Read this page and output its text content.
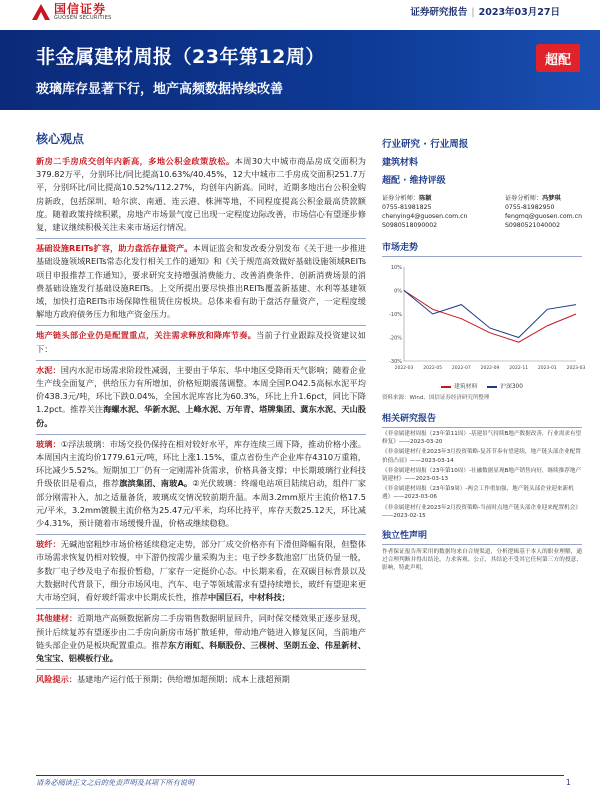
国信证券
GUOSEN SECURITIES	证券研究报告 | 2023年03月27日
非金属建材周报（23年第12周）
玻璃库存显著下行，地产高频数据持续改善
超配
核心观点

新房二手房成交创年内新高，多地公积金政策放松。本周30大中城市商品房成交面积为379.82万平，分别环比/同比提高10.63%/40.45%，12大中城市二手房成交面积251.7万平，分别环比/同比提高10.52%/112.27%，均创年内新高。同时，近期多地出台公积金购房新政，包括深圳、哈尔滨、南通、连云港、株洲等地，不同程度提高公积金最高贷款额度。随着政策持续积累，房地产市场景气度已出现一定程度边际改善，市场信心有望逐步修复，建议继续积极关注未来市场运行情况。

基础设施REITs扩容，助力盘活存量资产。本周证监会和发改委分别发布《关于进一步推进基础设施领域REITs常态化发行相关工作的通知》和《关于规范高效做好基础设施领域REITs项目申报推荐工作通知》，要求研究支持增强消费能力、改善消费条件、创新消费场景的消费基础设施发行基础设施REITs。上交所提出要尽快推出REITs覆盖新基建、水利等基建领域，加快打造REITs市场保障性租赁住房板块。总体来看有助于盘活存量资产，一定程度缓解地方政府债务压力和地产资金压力。

地产链头部企业仍是配置重点，关注需求释放和降库节奏。当前子行业跟踪及投资建议如下：

水泥：国内水泥市场需求阶段性减弱，主要由于华东、华中地区受降雨天气影响；随着企业生产线全面复产，供给压力有所增加，价格短期震荡调整。本周全国P.O42.5高标水泥平均价438.3元/吨，环比下跌0.04%，全国水泥库容比为60.3%，环比上升1.6pct，同比下降1.2pct。推荐关注海螺水泥、华新水泥、上峰水泥、万年青、塔牌集团、冀东水泥、天山股份。

玻璃：①浮法玻璃：市场交投仍保持在相对较好水平，库存连续三周下降，推动价格小涨。本周国内主流均价1779.61元/吨，环比上涨1.15%，重点省份生产企业库存4310万重箱，环比减少5.52%。短期加工厂仍有一定刚需补货需求，价格具备支撑；中长期玻璃行业科技升级依旧是看点，推荐旗滨集团、南玻A。②光伏玻璃：终端电站项目陆续启动，组件厂家部分刚需补入，加之适量备货，玻璃成交情况较前期升温。本周3.2mm原片主流价格17.5元/平米，3.2mm镀膜主流价格为25.47元/平米，均环比持平，库存天数25.12天，环比减少4.31%，预计随着市场缓慢升温，价格或继续稳稳。

玻纤：无碱池窑粗纱市场价格延续稳定走势，部分厂成交价格亦有下滑但降幅有限，但整体市场需求恢复仍相对较慢，中下游仍按需少量采购为主；电子纱多数池窑厂出货仍显一般，多数厂电子纱及电子布报价暂稳，厂家存一定挺价心态。中长期来看，在双碳目标背景以及大数据时代背景下，细分市场风电、汽车、电子等领域需求有望持续增长，玻纤有望迎来更大市场空间，看好玻纤需求中长期成长性，推荐中国巨石，中材科技；

其他建材：近期地产高频数据新房二手房销售数据明显回升，同时保交楼效果正逐步显现，预计后续复苏有望逐步由二手房向新房市场扩散延伸，带动地产链进入修复区间，当前地产链头部企业仍是板块配置重点。推荐东方雨虹、科顺股份、三棵树、坚朗五金、伟星新材、兔宝宝、铝模板行业。

风险提示：基建地产运行低于预期；供给增加超预期；成本上涨超预期

行业研究 · 行业周报
建筑材料
超配 · 维持评级
证券分析师：陈颖
0755-81981825
chenying4@guosen.com.cn
S0980518090002
证券分析师：冯梦琪
0755-81982950
fengmq@guosen.com.cn
S0980521040002
市场走势
-30%
-20%
-10%
0%
10%
2022-03 2022-05 2022-07 2022-09 2022-11 2023-01 2023-03
建筑材料	沪深300
资料来源：Wind、国信证券经济研究所整理
相关研究报告
《非金属建材周报（23年第11周）-基建景气持续B地产数据改善，行业需求有望修复》——2023-03-20
《非金属建材行业2023年3月投资策略-复苏节奏有望延续，地产链头部企业配置价值凸显》——2023-03-14
《非金属建材周报（23年第10周）-社融数据显现B地产销售向好，继续推荐地产链建材》——2023-03-13
《非金属建材周报（23年第9周）-两会工作重加强，地产链头部企业迎来新机遇》——2023-03-06
《非金属建材行业2023年2月投资策略-当前时点地产链头部企业迎来配置机会》——2023-02-15
独立性声明
作者保证报告所采用的数据均来自合规渠道，分析逻辑基于本人的职业理解，通过合理判断并得出结论，力求客观、公正，其结论不受其它任何第三方的授意、影响，特此声明。
请务必阅读正文之后的免责声明及其项下所有说明	1
